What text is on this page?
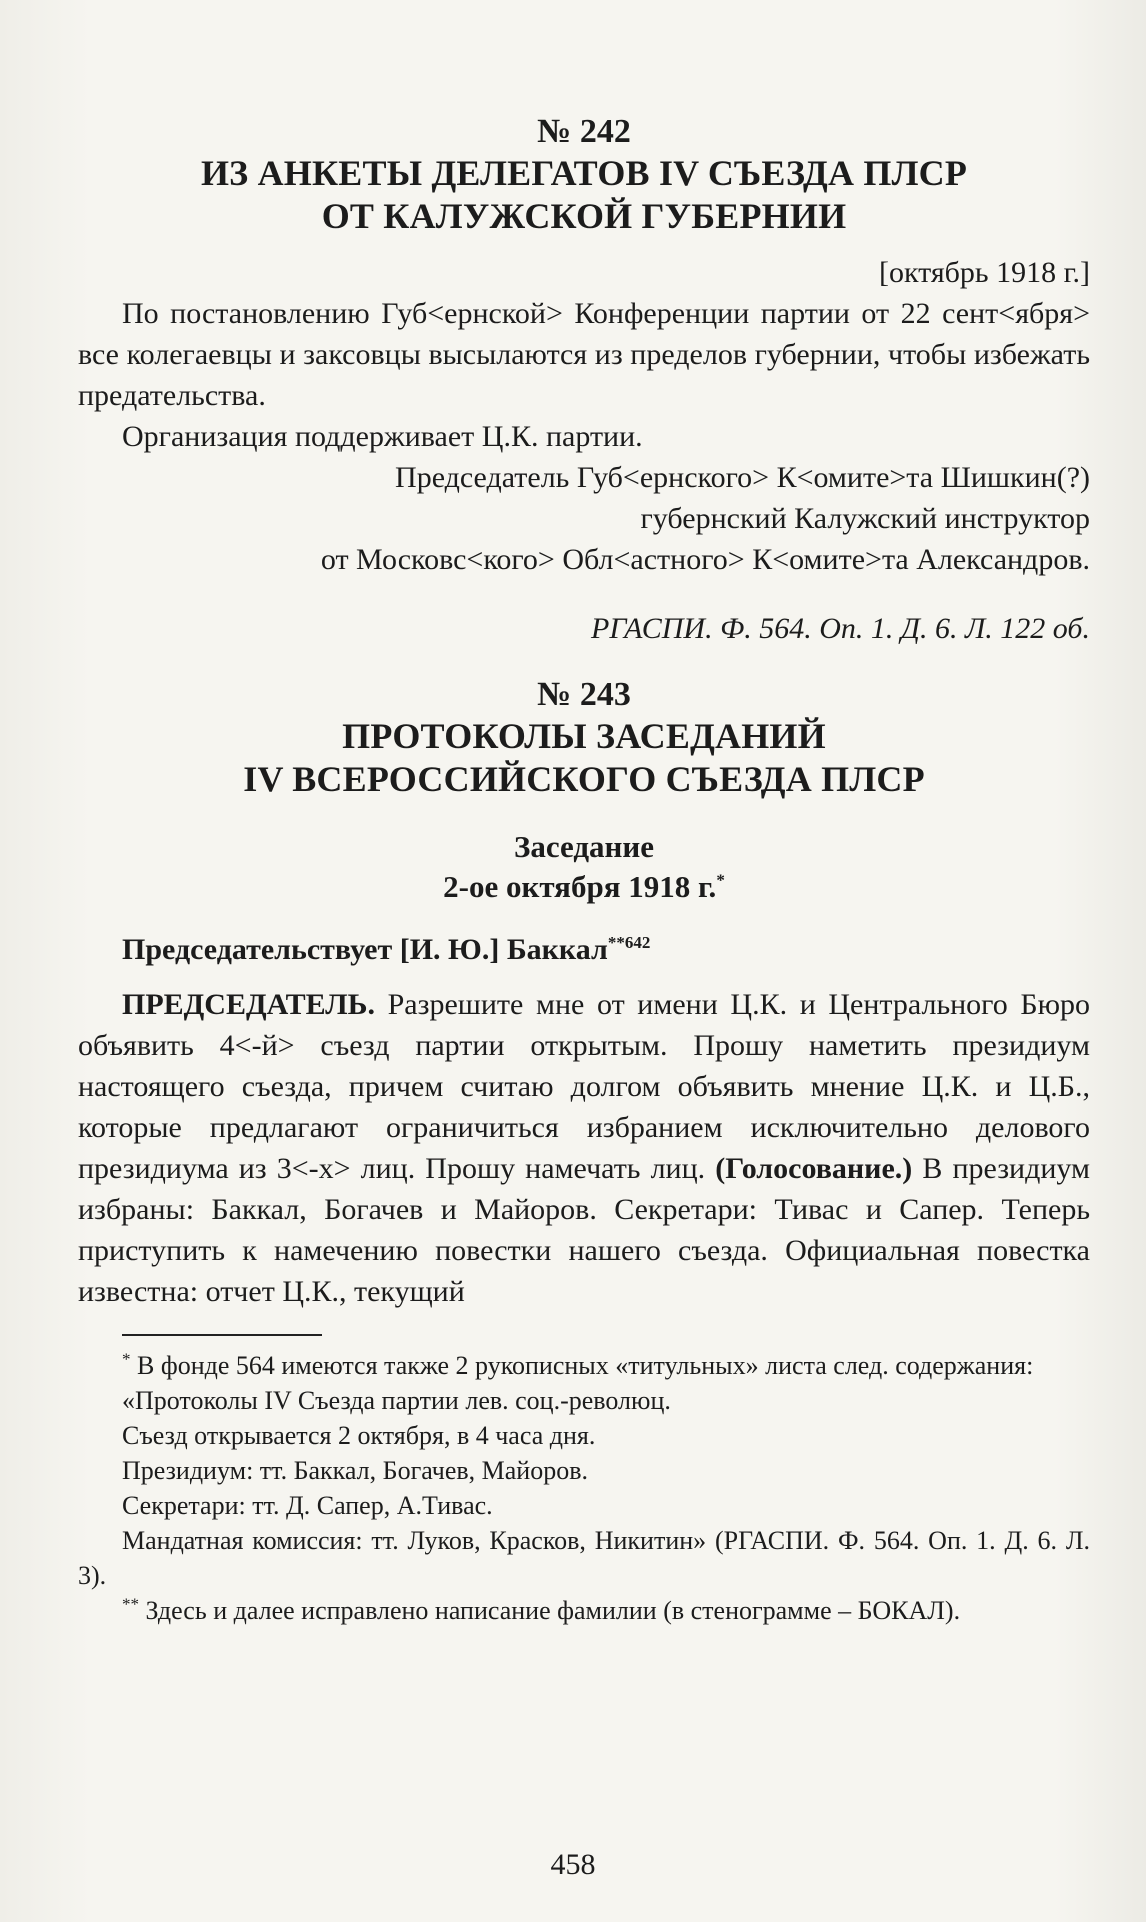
№ 242
ИЗ АНКЕТЫ ДЕЛЕГАТОВ IV СЪЕЗДА ПЛСР
ОТ КАЛУЖСКОЙ ГУБЕРНИИ
[октябрь 1918 г.]

По постановлению Губ<ернской> Конференции партии от 22 сент<ября> все колегаевцы и заксовцы высылаются из пределов губернии, чтобы избежать предательства.

Организация поддерживает Ц.К. партии.

Председатель Губ<ернского> К<омите>та Шишкин(?)
губернский Калужский инструктор
от Московс<кого> Обл<астного> К<омите>та Александров.
РГАСПИ. Ф. 564. Оп. 1. Д. 6. Л. 122 об.
№ 243
ПРОТОКОЛЫ ЗАСЕДАНИЙ
IV ВСЕРОССИЙСКОГО СЪЕЗДА ПЛСР
Заседание
2-ое октября 1918 г.*
Председательствует [И. Ю.] Баккал$^{**642}$

ПРЕДСЕДАТЕЛЬ. Разрешите мне от имени Ц.К. и Центрального Бюро объявить 4<-й> съезд партии открытым. Прошу наметить президиум настоящего съезда, причем считаю долгом объявить мнение Ц.К. и Ц.Б., которые предлагают ограничиться избранием исключительно делового президиума из 3<-х> лиц. Прошу намечать лиц. (Голосование.) В президиум избраны: Баккал, Богачев и Майоров. Секретари: Тивас и Сапер. Теперь приступить к намечению повестки нашего съезда. Официальная повестка известна: отчет Ц.К., текущий

* В фонде 564 имеются также 2 рукописных «титульных» листа след. содержания:

«Протоколы IV Съезда партии лев. соц.-революц.

Съезд открывается 2 октября, в 4 часа дня.

Президиум: тт. Баккал, Богачев, Майоров.

Секретари: тт. Д. Сапер, А.Тивас.

Мандатная комиссия: тт. Луков, Красков, Никитин» (РГАСПИ. Ф. 564. Оп. 1. Д. 6. Л. 3).

** Здесь и далее исправлено написание фамилии (в стенограмме – БОКАЛ).

458
